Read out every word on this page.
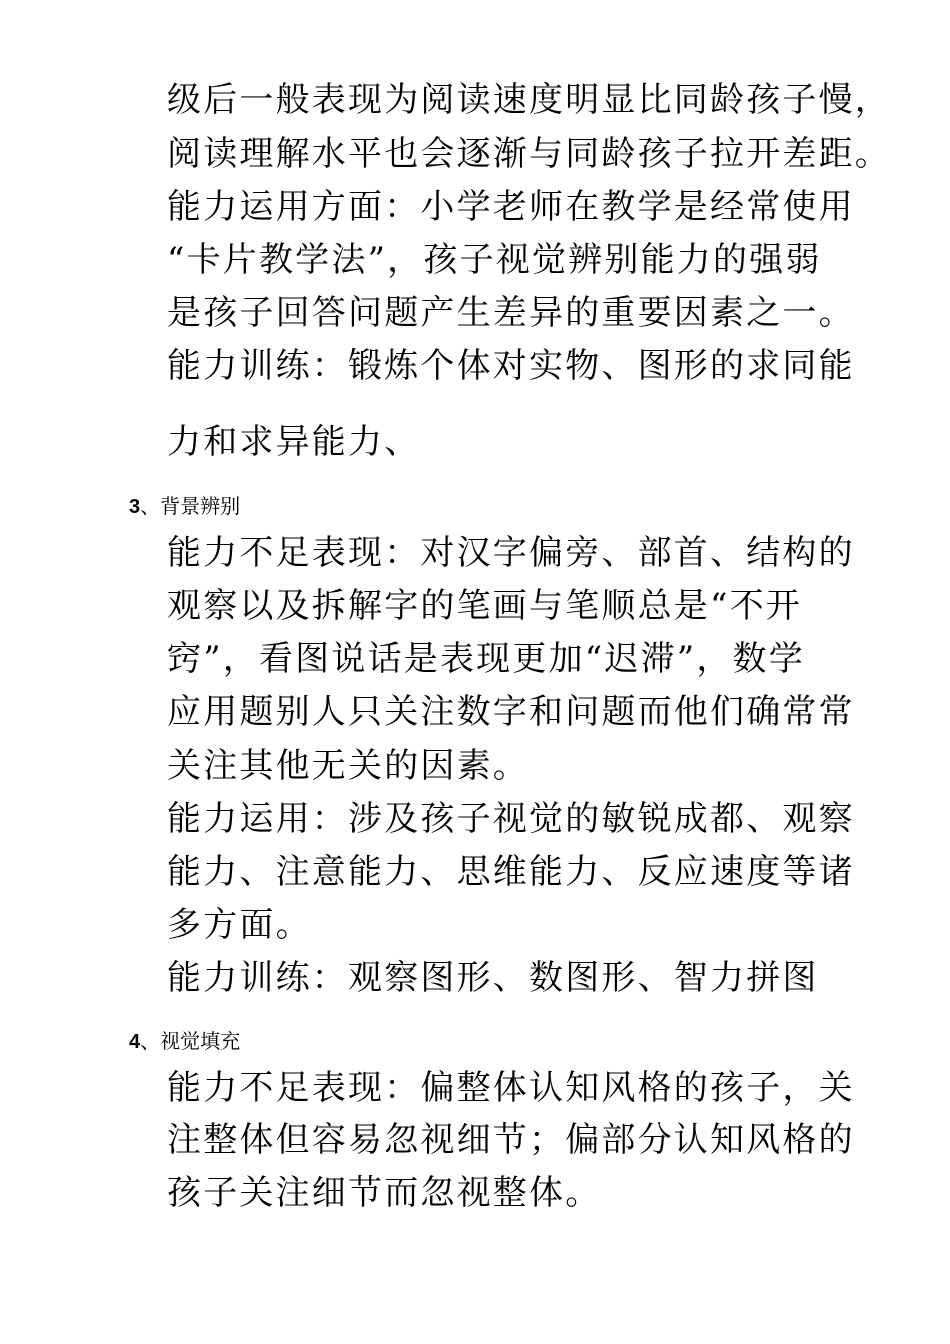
级后一般表现为阅读速度明显比同龄孩子慢，
阅读理解水平也会逐渐与同龄孩子拉开差距。
能力运用方面：小学老师在教学是经常使用
“卡片教学法”，孩子视觉辨别能力的强弱
是孩子回答问题产生差异的重要因素之一。
能力训练：锻炼个体对实物、图形的求同能
力和求异能力、
3、背景辨别
能力不足表现：对汉字偏旁、部首、结构的
观察以及拆解字的笔画与笔顺总是“不开
窍”，看图说话是表现更加“迟滞”，数学
应用题别人只关注数字和问题而他们确常常
关注其他无关的因素。
能力运用：涉及孩子视觉的敏锐成都、观察
能力、注意能力、思维能力、反应速度等诸
多方面。
能力训练：观察图形、数图形、智力拼图
4、视觉填充
能力不足表现：偏整体认知风格的孩子，关
注整体但容易忽视细节；偏部分认知风格的
孩子关注细节而忽视整体。
